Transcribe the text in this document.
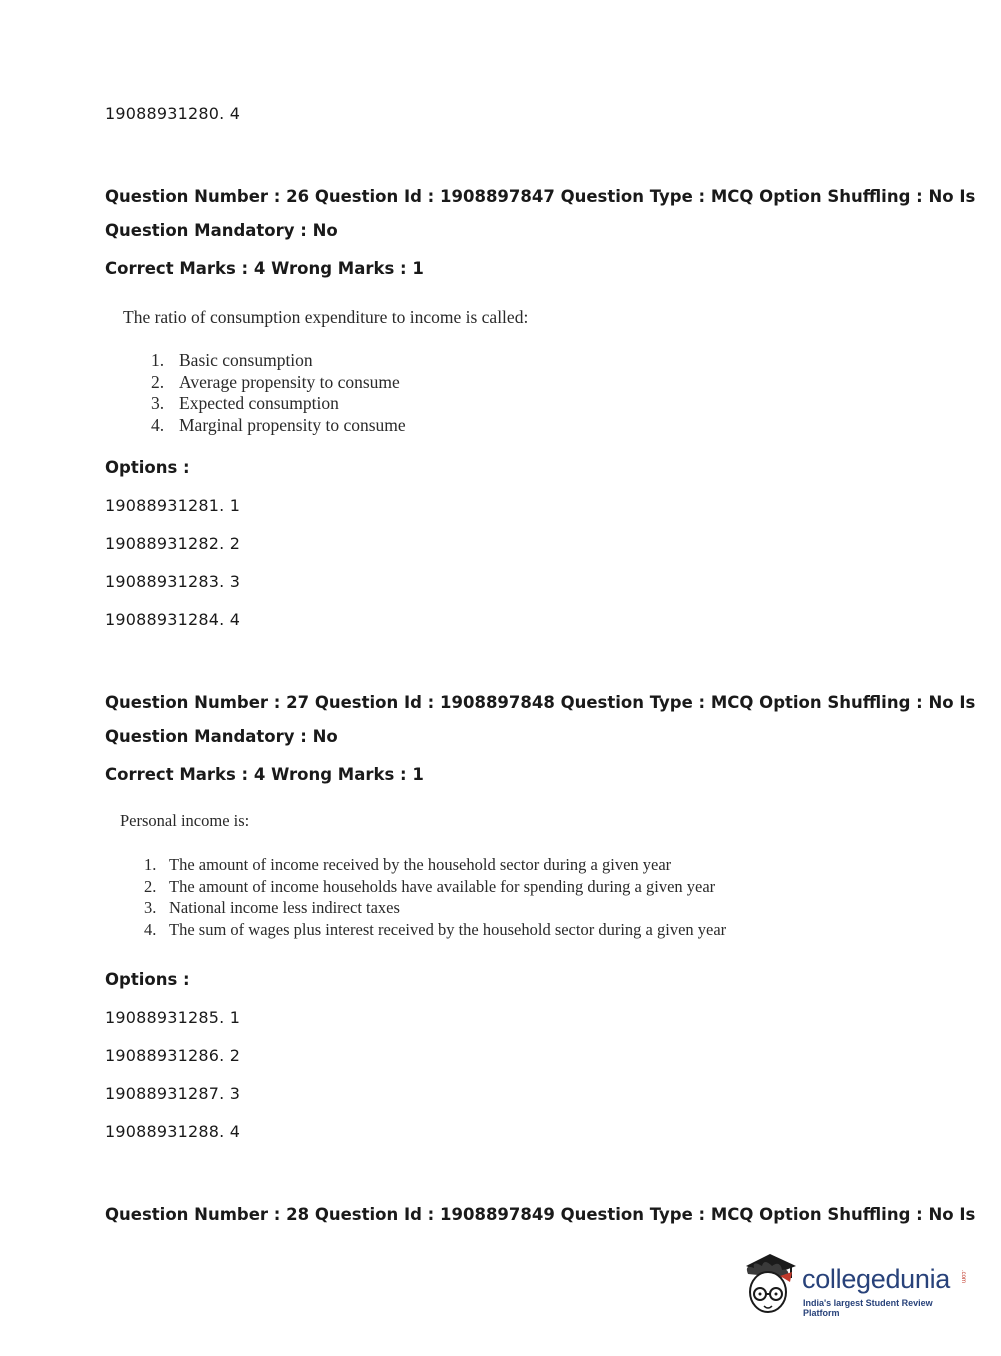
19088931280. 4
Question Number : 26 Question Id : 1908897847 Question Type : MCQ Option Shuffling : No Is
Question Mandatory : No
Correct Marks : 4 Wrong Marks : 1
The ratio of consumption expenditure to income is called:
1. Basic consumption
2. Average propensity to consume
3. Expected consumption
4. Marginal propensity to consume
Options :
19088931281. 1
19088931282. 2
19088931283. 3
19088931284. 4
Question Number : 27 Question Id : 1908897848 Question Type : MCQ Option Shuffling : No Is
Question Mandatory : No
Correct Marks : 4 Wrong Marks : 1
Personal income is:
1. The amount of income received by the household sector during a given year
2. The amount of income households have available for spending during a given year
3. National income less indirect taxes
4. The sum of wages plus interest received by the household sector during a given year
Options :
19088931285. 1
19088931286. 2
19088931287. 3
19088931288. 4
Question Number : 28 Question Id : 1908897849 Question Type : MCQ Option Shuffling : No Is
collegedunia .com
India's largest Student Review Platform
